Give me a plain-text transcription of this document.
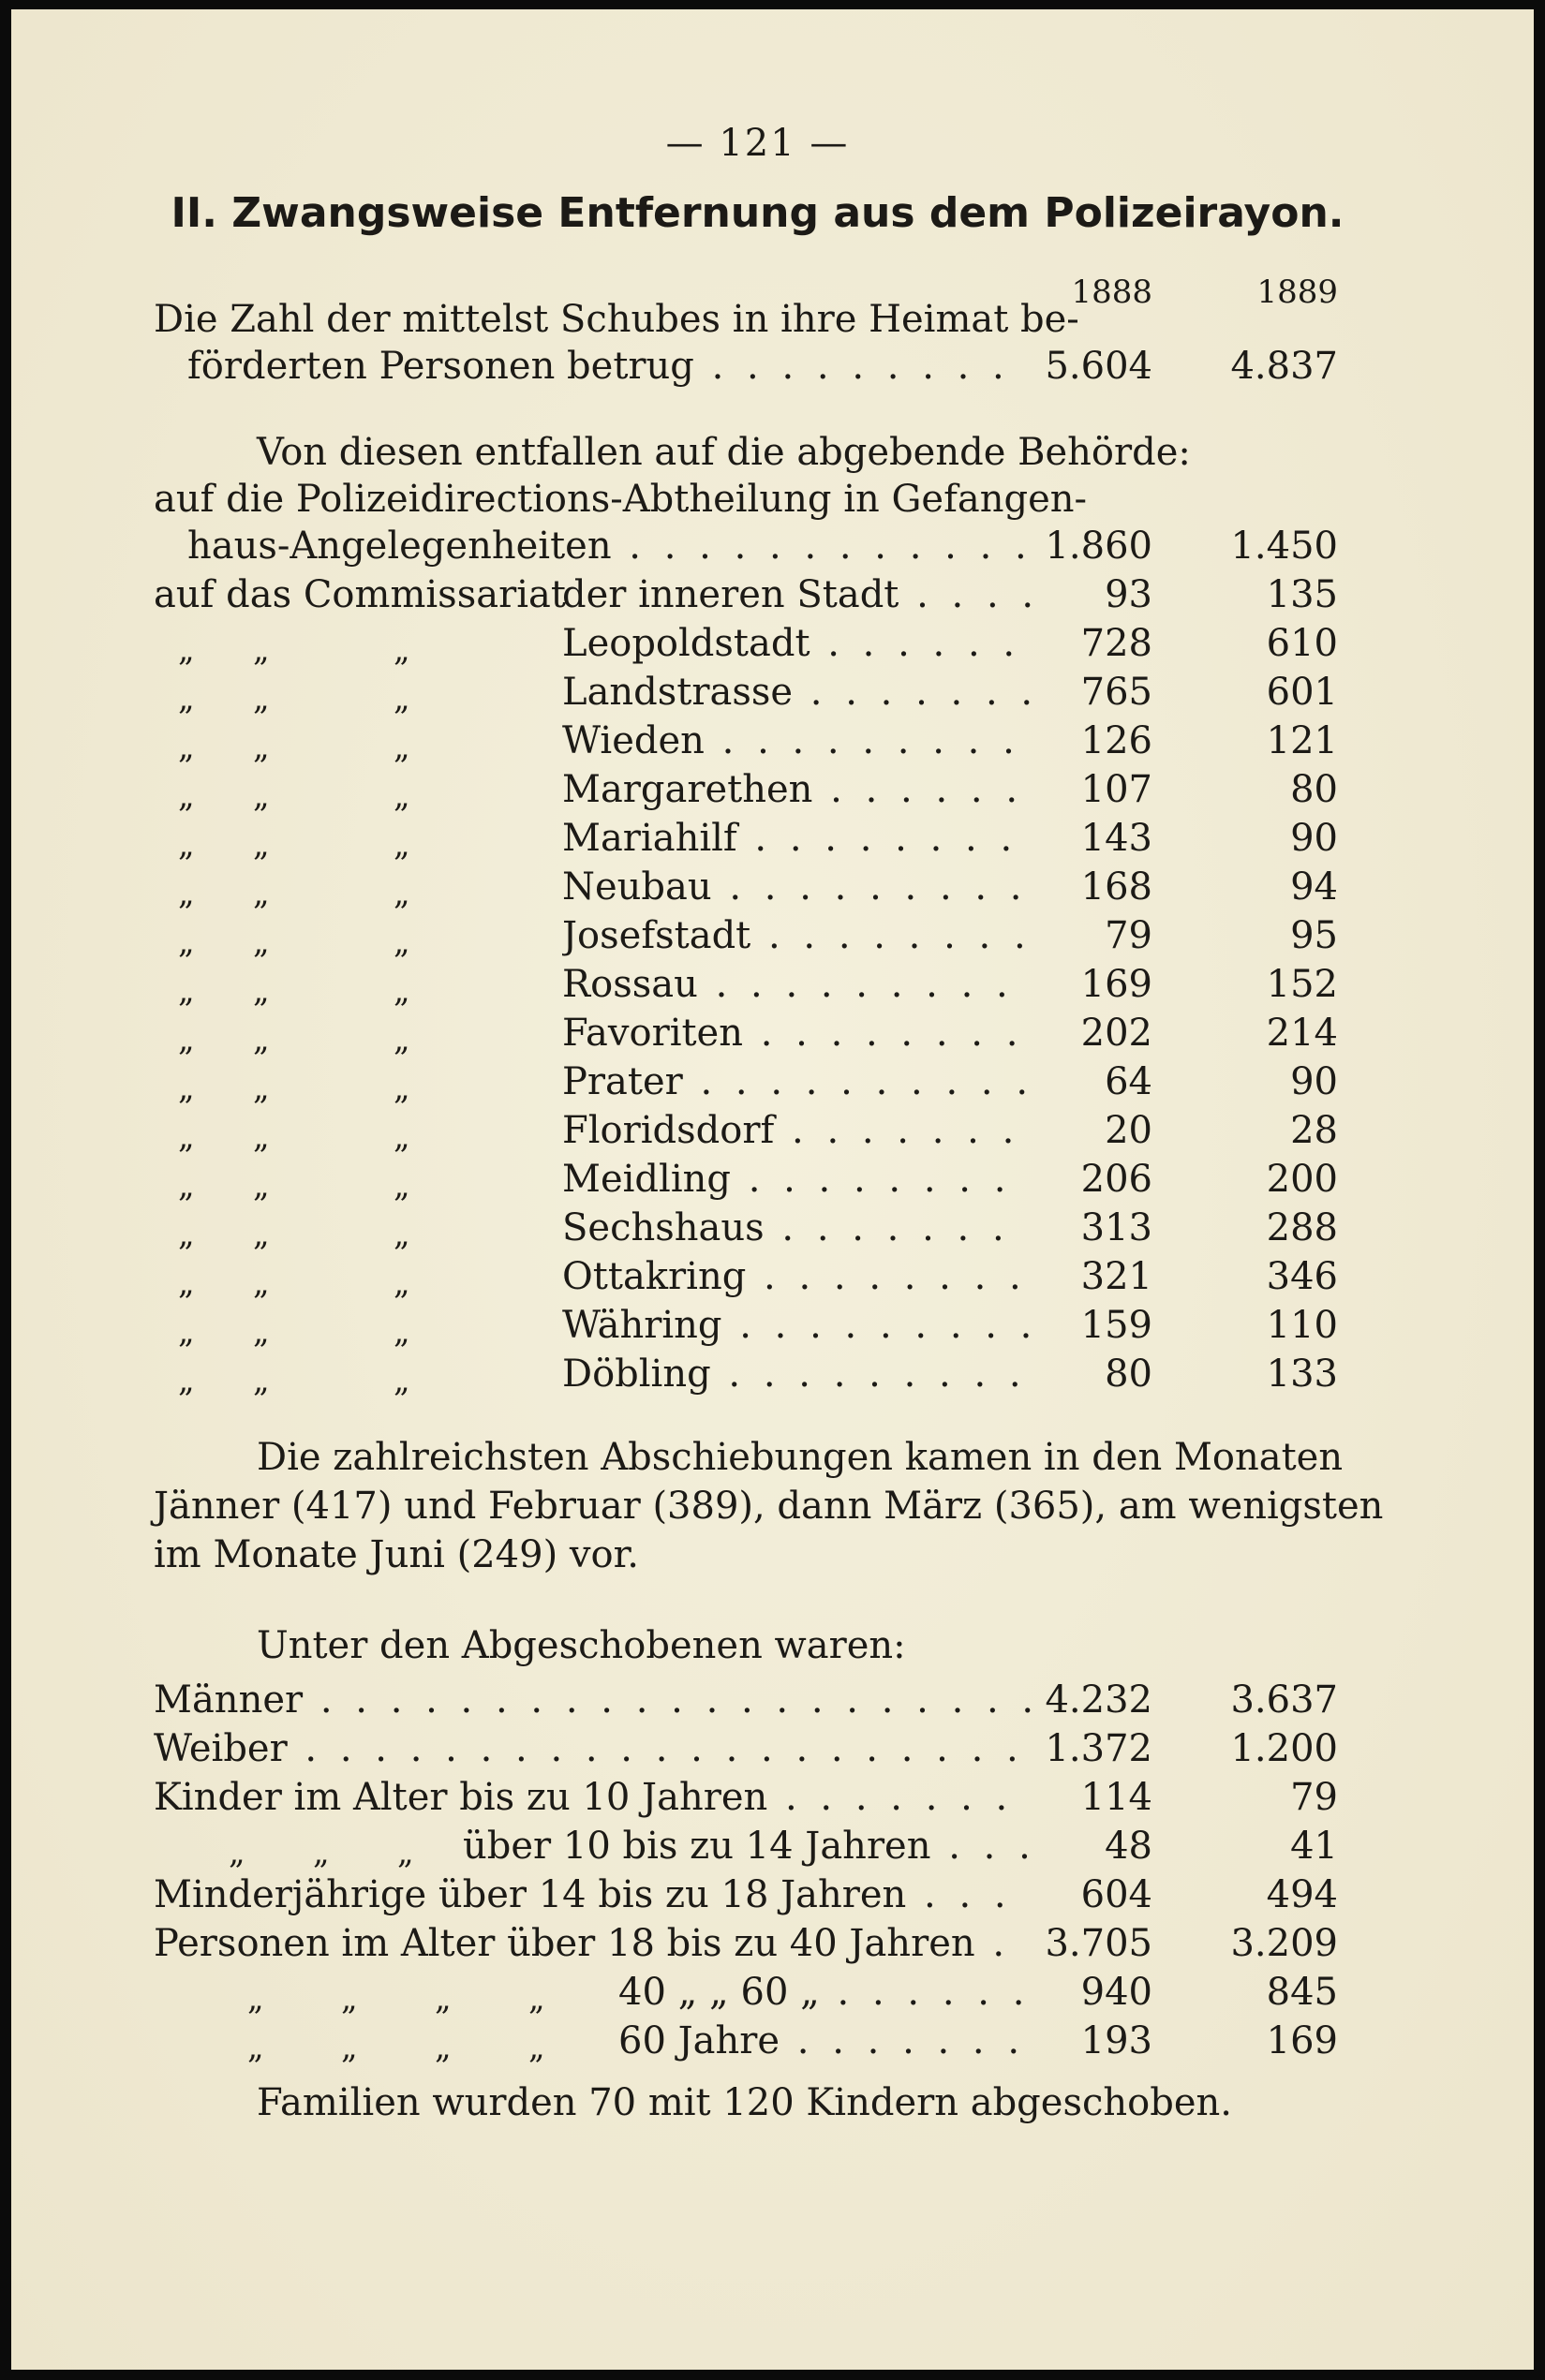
— 121 —
II. Zwangsweise Entfernung aus dem Polizeirayon.
1888	1889
Die Zahl der mittelst Schubes in ihre Heimat be-
förderten Personen betrug . . .	5.604	4.837
Von diesen entfallen auf die abgebende Behörde:
auf die Polizeidirections-Abtheilung in Gefangen-
haus-Angelegenheiten . . .	1.860	1.450
auf das Commissariat
der inneren Stadt . . .	93	135
„ „	„	Leopoldstadt . . .	728	610
„ „	„	Landstrasse . . .	765	601
„ „	„	Wieden . . .	126	121
„ „	„	Margarethen . . .	107	80
„ „	„	Mariahilf . . .	143	90
„ „	„	Neubau . . .	168	94
„ „	„	Josefstadt . . .	79	95
„ „	„	Rossau . . .	169	152
„ „	„	Favoriten . . .	202	214
„ „	„	Prater . . .	64	90
„ „	„	Floridsdorf . . .	20	28
„ „	„	Meidling . . .	206	200
„ „	„	Sechshaus . . .	313	288
„ „	„	Ottakring . . .	321	346
„ „	„	Währing . . .	159	110
„ „	„	Döbling . . .	80	133
Die zahlreichsten Abschiebungen kamen in den Monaten
Jänner (417) und Februar (389), dann März (365), am wenigsten
im Monate Juni (249) vor.
Unter den Abgeschobenen waren:
Männer . . .	4.232	3.637
Weiber . . .	1.372	1.200
Kinder im Alter bis zu 10 Jahren . . .	114	79
„ „ „ über 10 bis zu 14 Jahren . . .	48	41
Minderjährige über 14 bis zu 18 Jahren . . .	604	494
Personen im Alter über 18 bis zu 40 Jahren . . .	3.705	3.209
„ „ „ „ 40 „ „ 60 „ . . .	940	845
„ „ „ „ 60 Jahre . . .	193	169
Familien wurden 70 mit 120 Kindern abgeschoben.
